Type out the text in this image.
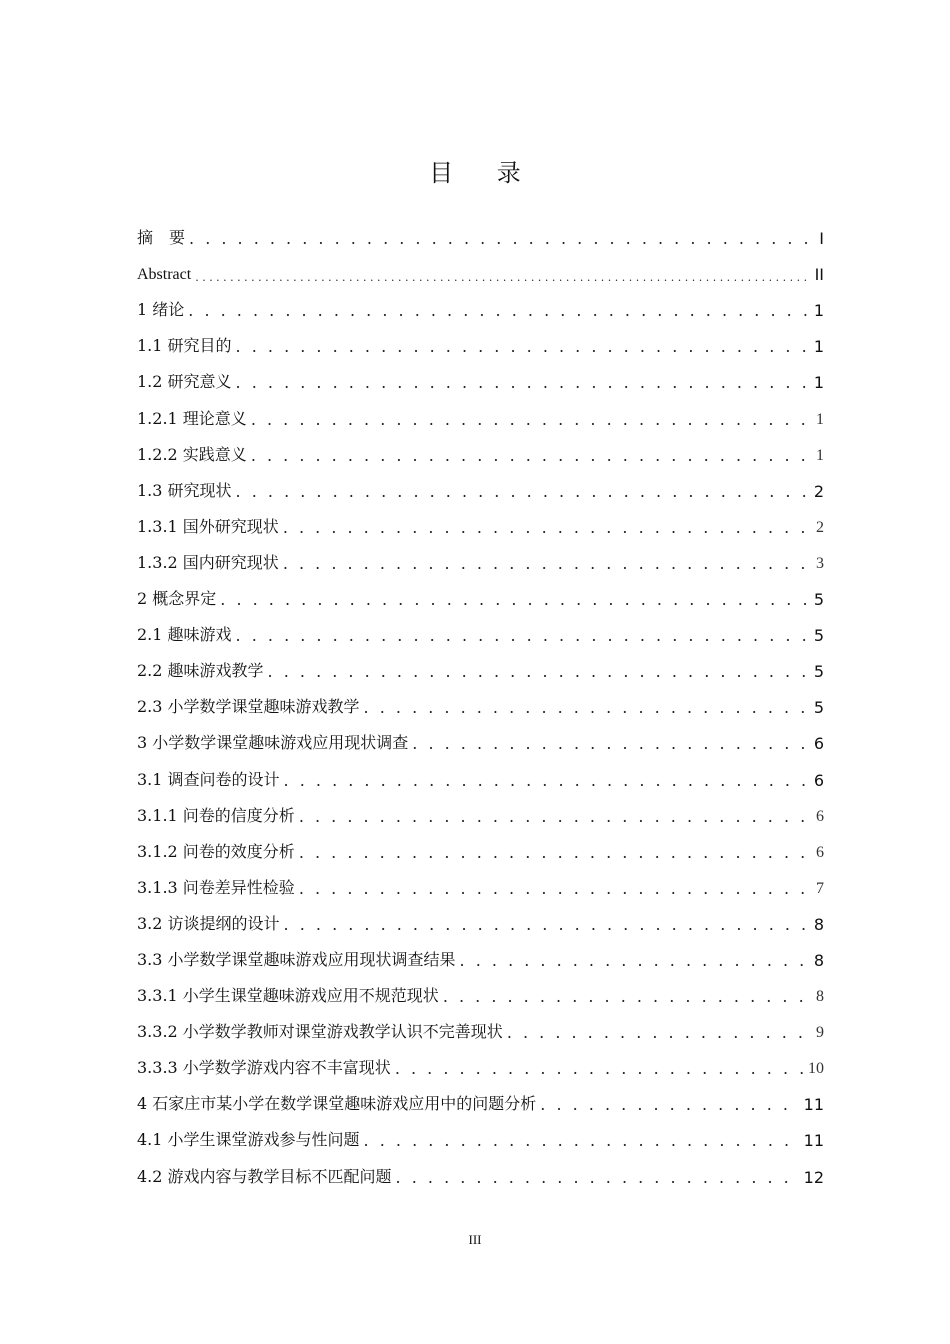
目 录
摘　要 . . .	I
Abstract . . .	II
1 绪论 . . .	1
1.1 研究目的 . . .	1
1.2 研究意义 . . .	1
1.2.1 理论意义 . . .	1
1.2.2 实践意义 . . .	1
1.3 研究现状 . . .	2
1.3.1 国外研究现状 . . .	2
1.3.2 国内研究现状 . . .	3
2 概念界定 . . .	5
2.1 趣味游戏 . . .	5
2.2 趣味游戏教学 . . .	5
2.3 小学数学课堂趣味游戏教学 . . .	5
3 小学数学课堂趣味游戏应用现状调查 . . .	6
3.1 调查问卷的设计 . . .	6
3.1.1 问卷的信度分析 . . .	6
3.1.2 问卷的效度分析 . . .	6
3.1.3 问卷差异性检验 . . .	7
3.2 访谈提纲的设计 . . .	8
3.3 小学数学课堂趣味游戏应用现状调查结果 . . .	8
3.3.1 小学生课堂趣味游戏应用不规范现状 . . .	8
3.3.2 小学数学教师对课堂游戏教学认识不完善现状 . . .	9
3.3.3 小学数学游戏内容不丰富现状 . . .	10
4 石家庄市某小学在数学课堂趣味游戏应用中的问题分析 . . .	11
4.1 小学生课堂游戏参与性问题 . . .	11
4.2 游戏内容与教学目标不匹配问题 . . .	12
III
